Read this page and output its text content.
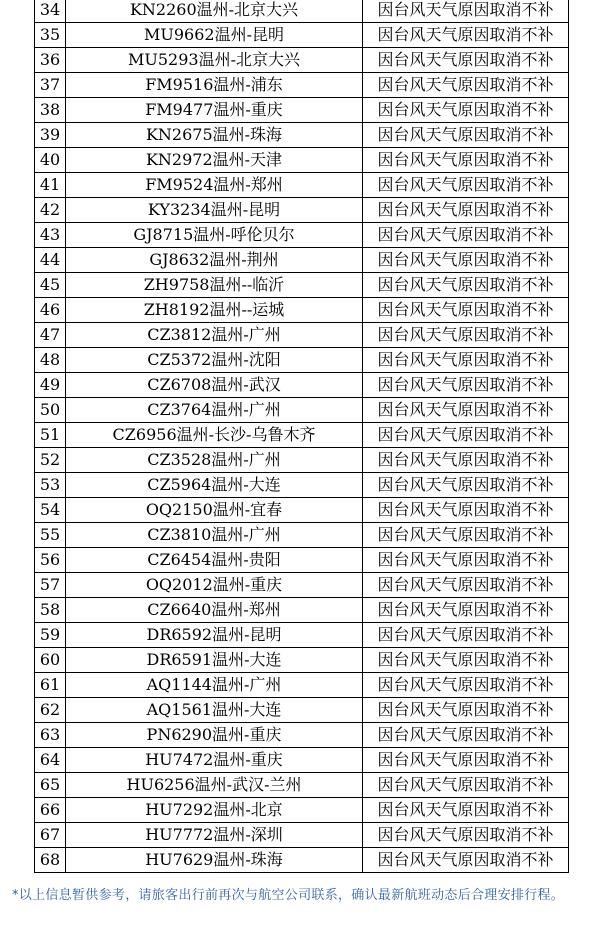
34	KN2260温州-北京大兴	因台风天气原因取消不补
35	MU9662温州-昆明	因台风天气原因取消不补
36	MU5293温州-北京大兴	因台风天气原因取消不补
37	FM9516温州-浦东	因台风天气原因取消不补
38	FM9477温州-重庆	因台风天气原因取消不补
39	KN2675温州-珠海	因台风天气原因取消不补
40	KN2972温州-天津	因台风天气原因取消不补
41	FM9524温州-郑州	因台风天气原因取消不补
42	KY3234温州-昆明	因台风天气原因取消不补
43	GJ8715温州-呼伦贝尔	因台风天气原因取消不补
44	GJ8632温州-荆州	因台风天气原因取消不补
45	ZH9758温州--临沂	因台风天气原因取消不补
46	ZH8192温州--运城	因台风天气原因取消不补
47	CZ3812温州-广州	因台风天气原因取消不补
48	CZ5372温州-沈阳	因台风天气原因取消不补
49	CZ6708温州-武汉	因台风天气原因取消不补
50	CZ3764温州-广州	因台风天气原因取消不补
51	CZ6956温州-长沙-乌鲁木齐	因台风天气原因取消不补
52	CZ3528温州-广州	因台风天气原因取消不补
53	CZ5964温州-大连	因台风天气原因取消不补
54	OQ2150温州-宜春	因台风天气原因取消不补
55	CZ3810温州-广州	因台风天气原因取消不补
56	CZ6454温州-贵阳	因台风天气原因取消不补
57	OQ2012温州-重庆	因台风天气原因取消不补
58	CZ6640温州-郑州	因台风天气原因取消不补
59	DR6592温州-昆明	因台风天气原因取消不补
60	DR6591温州-大连	因台风天气原因取消不补
61	AQ1144温州-广州	因台风天气原因取消不补
62	AQ1561温州-大连	因台风天气原因取消不补
63	PN6290温州-重庆	因台风天气原因取消不补
64	HU7472温州-重庆	因台风天气原因取消不补
65	HU6256温州-武汉-兰州	因台风天气原因取消不补
66	HU7292温州-北京	因台风天气原因取消不补
67	HU7772温州-深圳	因台风天气原因取消不补
68	HU7629温州-珠海	因台风天气原因取消不补
*以上信息暂供参考，请旅客出行前再次与航空公司联系，确认最新航班动态后合理安排行程。
